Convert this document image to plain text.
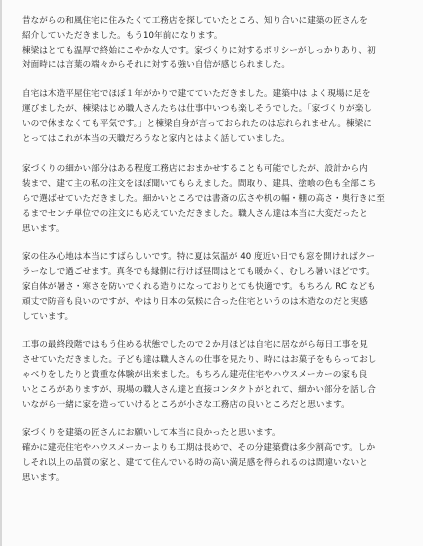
昔ながらの和風住宅に住みたくて工務店を探していたところ、知り合いに建築の匠さんを
紹介していただきました。もう10年前になります。
棟梁はとても温厚で終始にこやかな人です。家づくりに対するポリシーがしっかりあり、初
対面時には言葉の端々からそれに対する強い自信が感じられました。
自宅は木造平屋住宅でほぼ１年がかりで建てていただきました。建築中は よく現場に足を
運びましたが、棟梁はじめ職人さんたちは仕事中いつも楽しそうでした。「家づくりが楽し
いので休まなくても平気です。」と棟梁自身が言っておられたのは忘れられません。棟梁に
とってはこれが本当の天職だろうなと家内とはよく話していました。
家づくりの細かい部分はある程度工務店におまかせすることも可能でしたが、設計から内
装まで、建て主の私の注文をほぼ聞いてもらえました。間取り、建具、塗喰の色も全部こち
らで選ばせていただきました。細かいところでは書斎の広さや机の幅・棚の高さ・奥行きに至
るまでセンチ単位での注文にも応えていただきました。職人さん達は本当に大変だったと
思います。
家の住み心地は本当にすばらしいです。特に夏は気温が 40 度近い日でも窓を開ければクー
ラーなしで過ごせます。真冬でも縁側に行けば昼間はとても暖かく、むしろ暑いほどです。
家自体が暑さ・寒さを防いでくれる造りになっておりとても快適です。もちろん RC なども
頑丈で防音も良いのですが、やはり日本の気候に合った住宅というのは木造なのだと実感
しています。
工事の最終段階ではもう住める状態でしたので２か月ほどは自宅に居ながら毎日工事を見
させていただきました。子ども達は職人さんの仕事を見たり、時にはお菓子をもらっておし
ゃべりをしたりと貴重な体験が出来ました。もちろん建売住宅やハウスメーカーの家も良
いところがありますが、現場の職人さん達と直接コンタクトがとれて、細かい部分を話し合
いながら一緒に家を造っていけるところが小さな工務店の良いところだと思います。
家づくりを建築の匠さんにお願いして本当に良かったと思います。
確かに建売住宅やハウスメーカーよりも工期は長めで、その分建築費は多少割高です。しか
しそれ以上の品質の家と、建てて住んでいる時の高い満足感を得られるのは間違いないと
思います。
